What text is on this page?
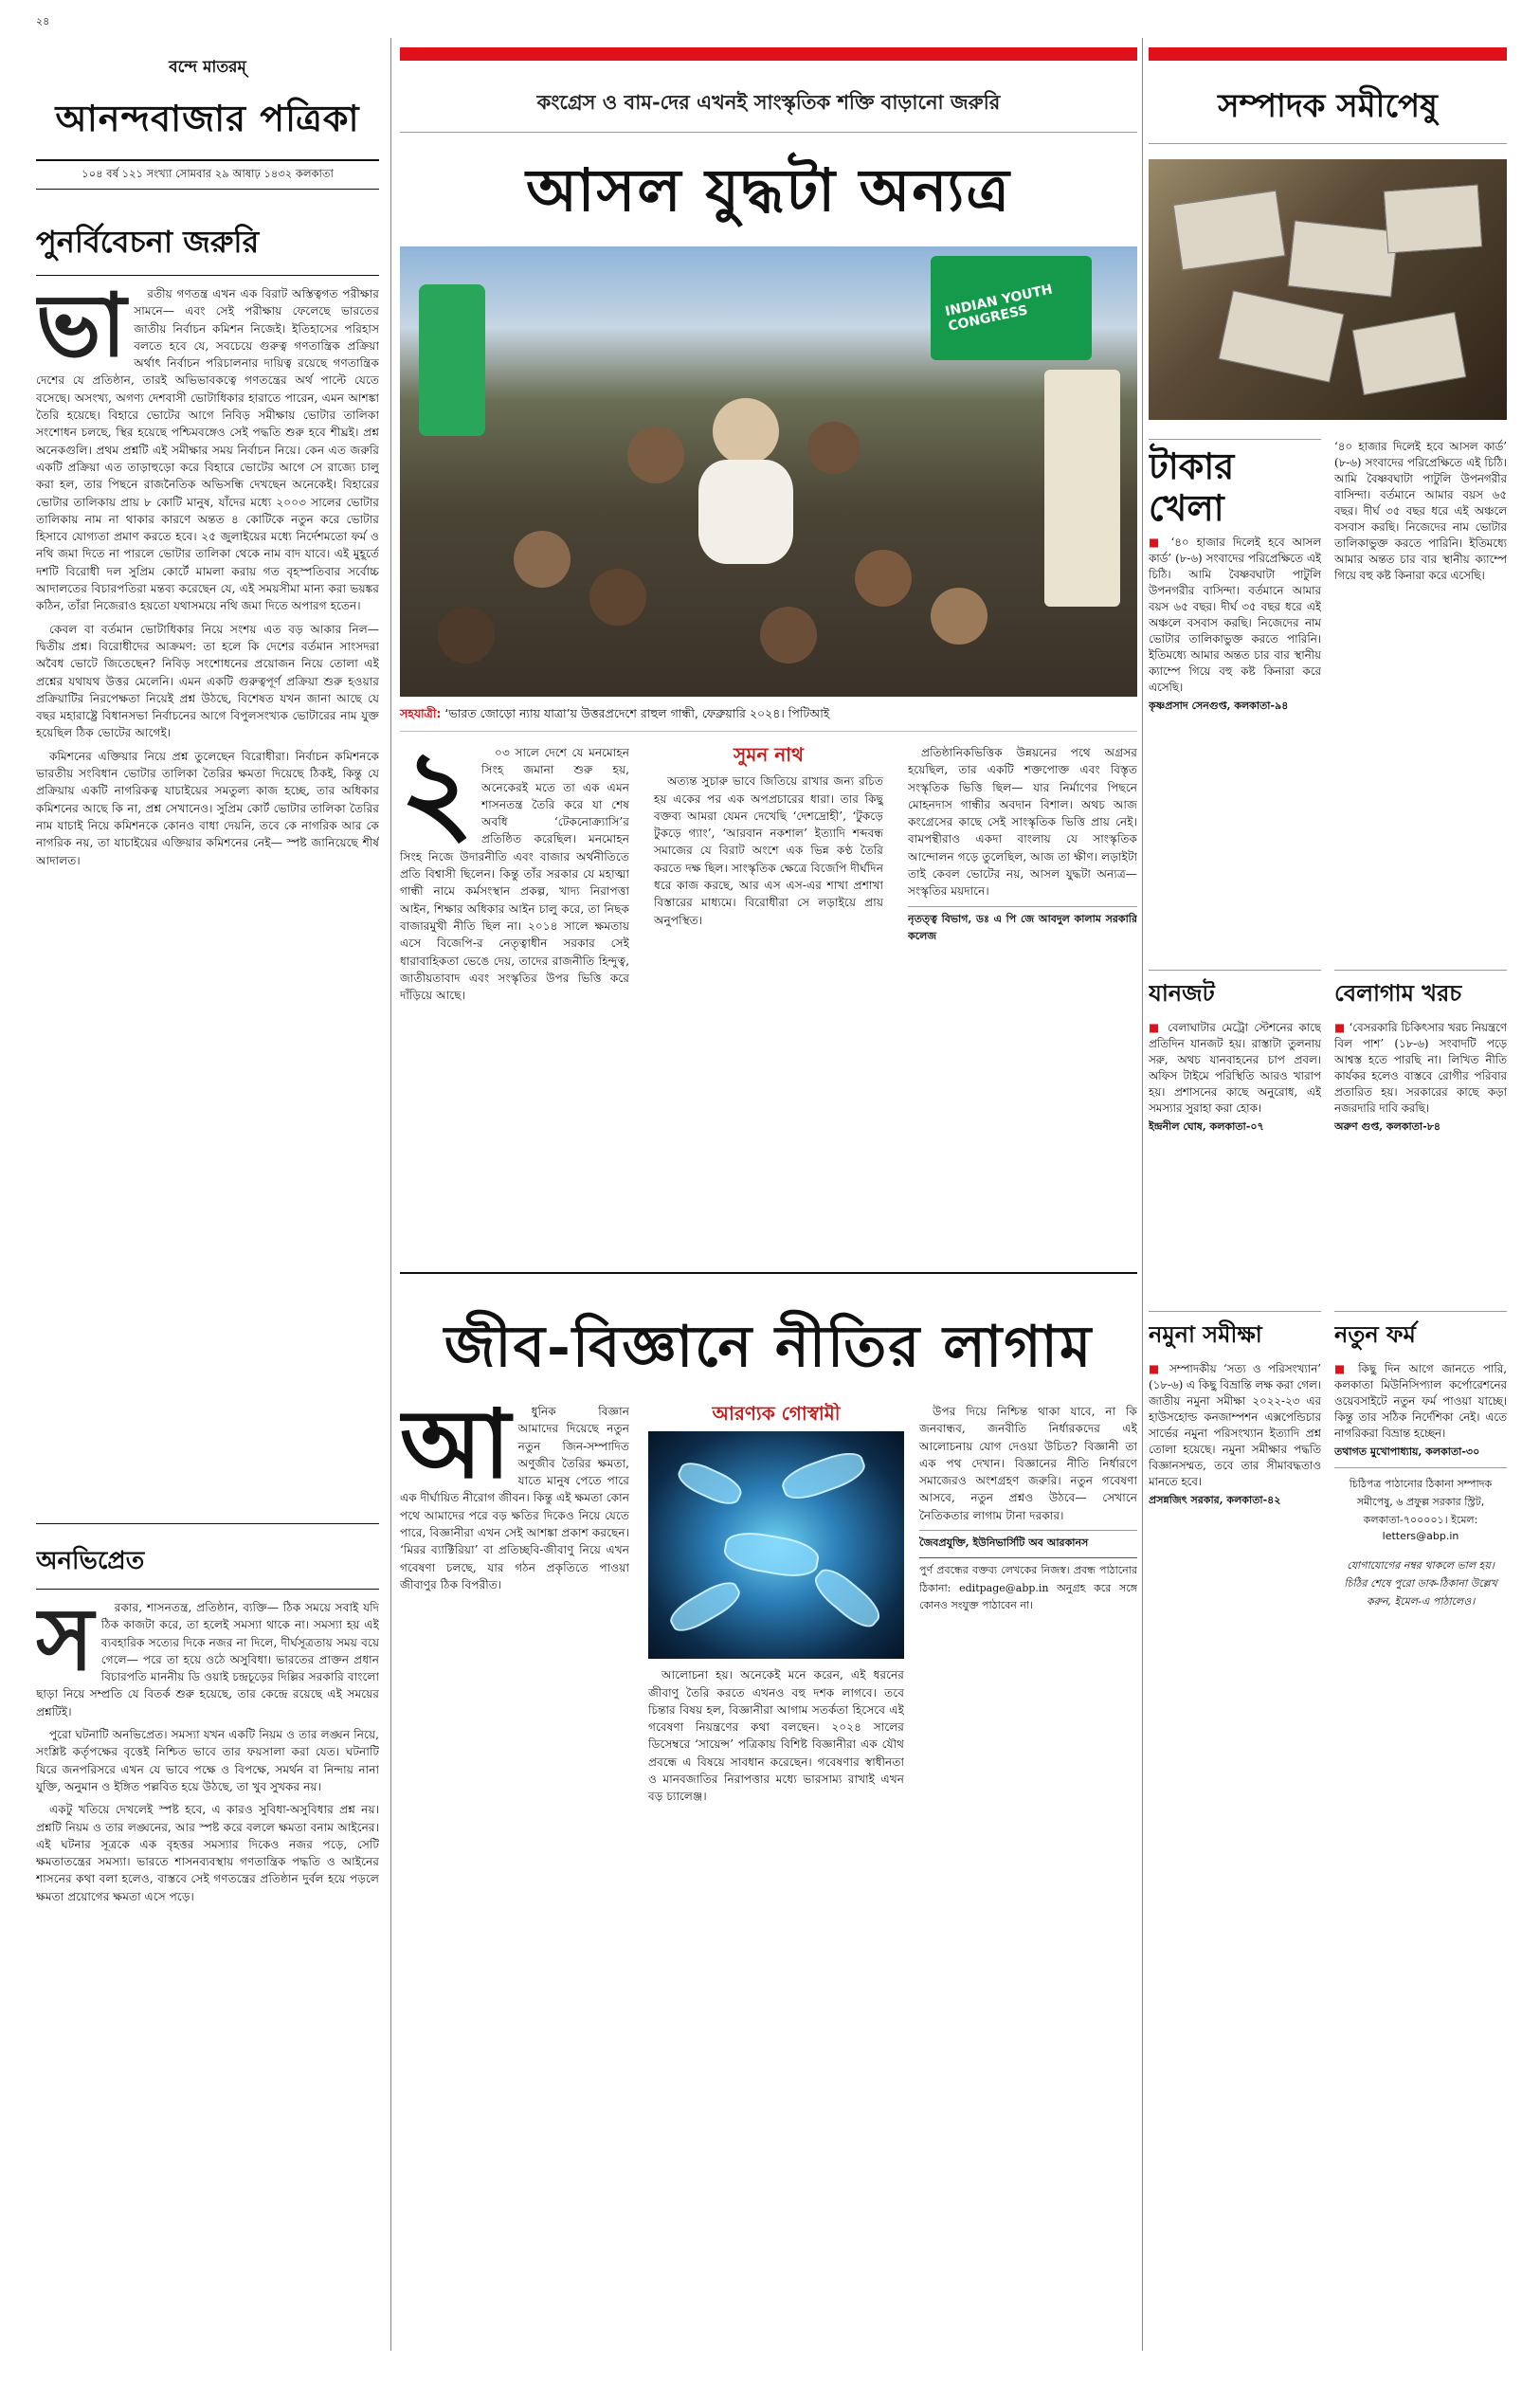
২৪
বন্দে মাতরম্‌
আনন্দবাজার পত্রিকা
১০৪ বর্ষ ১২১ সংখ্যা সোমবার ২৯ আষাঢ় ১৪৩২ কলকাতা
পুনর্বিবেচনা জরুরি
ভা	রতীয় গণতন্ত্র এখন এক বিরাট অস্তিত্বগত পরীক্ষার সামনে— এবং সেই পরীক্ষায় ফেলেছে ভারতের জাতীয় নির্বাচন কমিশন নিজেই। ইতিহাসের পরিহাস বলতে হবে যে, সবচেয়ে গুরুত্ব গণতান্ত্রিক প্রক্রিয়া অর্থাৎ নির্বাচন পরিচালনার দায়িত্ব রয়েছে গণতান্ত্রিক দেশের যে প্রতিষ্ঠান, তারই অভিভাবকত্বে গণতন্ত্রের অর্থ পাল্টে যেতে বসেছে। অসংখ্য, অগণ্য দেশবাসী ভোটাধিকার হারাতে পারেন, এমন আশঙ্কা তৈরি হয়েছে। বিহারে ভোটের আগে নিবিড় সমীক্ষায় ভোটার তালিকা সংশোধন চলছে, স্থির হয়েছে পশ্চিমবঙ্গেও সেই পদ্ধতি শুরু হবে শীঘ্রই। প্রশ্ন অনেকগুলি। প্রথম প্রশ্নটি এই সমীক্ষার সময় নির্বাচন নিয়ে। কেন এত জরুরি একটি প্রক্রিয়া এত তাড়াহুড়ো করে বিহারে ভোটের আগে সে রাজ্যে চালু করা হল, তার পিছনে রাজনৈতিক অভিসন্ধি দেখছেন অনেকেই। বিহারের ভোটার তালিকায় প্রায় ৮ কোটি মানুষ, যাঁদের মধ্যে ২০০৩ সালের ভোটার তালিকায় নাম না থাকার কারণে অন্তত ৪ কোটিকে নতুন করে ভোটার হিসাবে যোগ্যতা প্রমাণ করতে হবে। ২৫ জুলাইয়ের মধ্যে নির্দেশমতো ফর্ম ও নথি জমা দিতে না পারলে ভোটার তালিকা থেকে নাম বাদ যাবে। এই মুহূর্তে দশটি বিরোধী দল সুপ্রিম কোর্টে মামলা করায় গত বৃহস্পতিবার সর্বোচ্চ আদালতের বিচারপতিরা মন্তব্য করেছেন যে, এই সময়সীমা মান্য করা ভয়ঙ্কর কঠিন, তাঁরা নিজেরাও হয়তো যথাসময়ে নথি জমা দিতে অপারগ হতেন।

কেবল বা বর্তমান ভোটাধিকার নিয়ে সংশয় এত বড় আকার নিল— দ্বিতীয় প্রশ্ন। বিরোধীদের আক্রমণ: তা হলে কি দেশের বর্তমান সাংসদরা অবৈধ ভোটে জিতেছেন? নিবিড় সংশোধনের প্রয়োজন নিয়ে তোলা এই প্রশ্নের যথাযথ উত্তর মেলেনি। এমন একটি গুরুত্বপূর্ণ প্রক্রিয়া শুরু হওয়ার প্রক্রিয়াটির নিরপেক্ষতা নিয়েই প্রশ্ন উঠছে, বিশেষত যখন জানা আছে যে বছর মহারাষ্ট্রে বিধানসভা নির্বাচনের আগে বিপুলসংখ্যক ভোটারের নাম যুক্ত হয়েছিল ঠিক ভোটের আগেই।

কমিশনের এক্তিয়ার নিয়ে প্রশ্ন তুলেছেন বিরোধীরা। নির্বাচন কমিশনকে ভারতীয় সংবিধান ভোটার তালিকা তৈরির ক্ষমতা দিয়েছে ঠিকই, কিন্তু যে প্রক্রিয়ায় একটি নাগরিকত্ব যাচাইয়ের সমতুল্য কাজ হচ্ছে, তার অধিকার কমিশনের আছে কি না, প্রশ্ন সেখানেও। সুপ্রিম কোর্ট ভোটার তালিকা তৈরির নাম যাচাই নিয়ে কমিশনকে কোনও বাধা দেয়নি, তবে কে নাগরিক আর কে নাগরিক নয়, তা যাচাইয়ের এক্তিয়ার কমিশনের নেই— স্পষ্ট জানিয়েছে শীর্ষ আদালত।

অনভিপ্রেত
স	রকার, শাসনতন্ত্র, প্রতিষ্ঠান, ব্যক্তি— ঠিক সময়ে সবাই যদি ঠিক কাজটা করে, তা হলেই সমস্যা থাকে না। সমস্যা হয় এই ব্যবহারিক সত্যের দিকে নজর না দিলে, দীর্ঘসূত্রতায় সময় বয়ে গেলে— পরে তা হয়ে ওঠে অসুবিধা। ভারতের প্রাক্তন প্রধান বিচারপতি মাননীয় ডি ওয়াই চন্দ্রচূড়ের দিল্লির সরকারি বাংলো ছাড়া নিয়ে সম্প্রতি যে বিতর্ক শুরু হয়েছে, তার কেন্দ্রে রয়েছে এই সময়ের প্রশ্নটিই।

পুরো ঘটনাটি অনভিপ্রেত। সমস্যা যখন একটি নিয়ম ও তার লঙ্ঘন নিয়ে, সংশ্লিষ্ট কর্তৃপক্ষের বৃত্তেই নিশ্চিত ভাবে তার ফয়সালা করা যেত। ঘটনাটি যিরে জনপরিসরে এখন যে ভাবে পক্ষে ও বিপক্ষে, সমর্থন বা নিন্দায় নানা যুক্তি, অনুমান ও ইঙ্গিত পল্লবিত হয়ে উঠছে, তা খুব সুখকর নয়।

একটু খতিয়ে দেখলেই স্পষ্ট হবে, এ কারও সুবিধা-অসুবিধার প্রশ্ন নয়। প্রশ্নটি নিয়ম ও তার লঙ্ঘনের, আর স্পষ্ট করে বললে ক্ষমতা বনাম আইনের। এই ঘটনার সূত্রকে এক বৃহত্তর সমস্যার দিকেও নজর পড়ে, সেটি ক্ষমতাতন্ত্রের সমস্যা। ভারতে শাসনব্যবস্থায় গণতান্ত্রিক পদ্ধতি ও আইনের শাসনের কথা বলা হলেও, বাস্তবে সেই গণতন্ত্রের প্রতিষ্ঠান দুর্বল হয়ে পড়লে ক্ষমতা প্রয়োগের ক্ষমতা এসে পড়ে।

কংগ্রেস ও বাম-দের এখনই সাংস্কৃতিক শক্তি বাড়ানো জরুরি
আসল যুদ্ধটা অন্যত্র
INDIAN YOUTH CONGRESS
সহযাত্রী: ‘ভারত জোড়ো ন্যায় যাত্রা’য় উত্তরপ্রদেশে রাহুল গান্ধী, ফেব্রুয়ারি ২০২৪। পিটিআই
২	০৩ সালে দেশে যে মনমোহন সিংহ জমানা শুরু হয়, অনেকেরই মতে তা এক এমন শাসনতন্ত্র তৈরি করে যা শেষ অবধি ‘টেকনোক্র্যাসি’র প্রতিষ্ঠিত করেছিল। মনমোহন সিংহ নিজে উদারনীতি এবং বাজার অর্থনীতিতে প্রতি বিশ্বাসী ছিলেন। কিন্তু তাঁর সরকার যে মহাত্মা গান্ধী নামে কর্মসংস্থান প্রকল্প, খাদ্য নিরাপত্তা আইন, শিক্ষার অধিকার আইন চালু করে, তা নিছক বাজারমুখী নীতি ছিল না। ২০১৪ সালে ক্ষমতায় এসে বিজেপি-র নেতৃত্বাধীন সরকার সেই ধারাবাহিকতা ভেঙে দেয়, তাদের রাজনীতি হিন্দুত্ব, জাতীয়তাবাদ এবং সংস্কৃতির উপর ভিত্তি করে দাঁড়িয়ে আছে।

সুমন নাথ

অত্যন্ত সুচারু ভাবে জিতিয়ে রাখার জন্য রচিত হয় একের পর এক অপপ্রচারের ধারা। তার কিছু বক্তব্য আমরা যেমন দেখেছি ‘দেশদ্রোহী’, ‘টুকড়ে টুকড়ে গ্যাং’, ‘আরবান নকশাল’ ইত্যাদি শব্দবন্ধ সমাজের যে বিরাট অংশে এক ভিন্ন কণ্ঠ তৈরি করতে দক্ষ ছিল। সাংস্কৃতিক ক্ষেত্রে বিজেপি দীর্ঘদিন ধরে কাজ করছে, আর এস এস-এর শাখা প্রশাখা বিস্তারের মাধ্যমে। বিরোধীরা সে লড়াইয়ে প্রায় অনুপস্থিত।

প্রতিষ্ঠানিকভিত্তিক উন্নয়নের পথে অগ্রসর হয়েছিল, তার একটি শক্তপোক্ত এবং বিস্তৃত সংস্কৃতিক ভিত্তি ছিল— যার নির্মাণের পিছনে মোহনদাস গান্ধীর অবদান বিশাল। অথচ আজ কংগ্রেসের কাছে সেই সাংস্কৃতিক ভিত্তি প্রায় নেই। বামপন্থীরাও একদা বাংলায় যে সাংস্কৃতিক আন্দোলন গড়ে তুলেছিল, আজ তা ক্ষীণ। লড়াইটা তাই কেবল ভোটের নয়, আসল যুদ্ধটা অন্যত্র— সংস্কৃতির ময়দানে।

নৃতত্ত্ব বিভাগ, ডঃ এ পি জে আবদুল কালাম সরকারি কলেজ
জীব-বিজ্ঞানে নীতির লাগাম
আ	ধুনিক বিজ্ঞান আমাদের দিয়েছে নতুন নতুন জিন-সম্পাদিত অণুজীব তৈরির ক্ষমতা, যাতে মানুষ পেতে পারে এক দীর্ঘায়িত নীরোগ জীবন। কিন্তু এই ক্ষমতা কোন পথে আমাদের পরে বড় ক্ষতির দিকেও নিয়ে যেতে পারে, বিজ্ঞানীরা এখন সেই আশঙ্কা প্রকাশ করছেন। ‘মিরর ব্যাক্টিরিয়া’ বা প্রতিচ্ছবি-জীবাণু নিয়ে এখন গবেষণা চলছে, যার গঠন প্রকৃতিতে পাওয়া জীবাণুর ঠিক বিপরীত।

আরণ্যক গোস্বামী

আলোচনা হয়। অনেকেই মনে করেন, এই ধরনের জীবাণু তৈরি করতে এখনও বহু দশক লাগবে। তবে চিন্তার বিষয় হল, বিজ্ঞানীরা আগাম সতর্কতা হিসেবে এই গবেষণা নিয়ন্ত্রণের কথা বলছেন। ২০২৪ সালের ডিসেম্বরে ‘সায়েন্স’ পত্রিকায় বিশিষ্ট বিজ্ঞানীরা এক যৌথ প্রবন্ধে এ বিষয়ে সাবধান করেছেন। গবেষণার স্বাধীনতা ও মানবজাতির নিরাপত্তার মধ্যে ভারসাম্য রাখাই এখন বড় চ্যালেঞ্জ।

উপর দিয়ে নিশ্চিন্ত থাকা যাবে, না কি জনবান্ধব, জনবীতি নির্ধারকদের এই আলোচনায় যোগ দেওয়া উচিত? বিজ্ঞানী তা এক পথ দেখান। বিজ্ঞানের নীতি নির্ধারণে সমাজেরও অংশগ্রহণ জরুরি। নতুন গবেষণা আসবে, নতুন প্রশ্নও উঠবে— সেখানে নৈতিকতার লাগাম টানা দরকার।

জৈবপ্রযুক্তি, ইউনিভার্সিটি অব আরকানস
পুর্ণ প্রবন্ধের বক্তব্য লেখকের নিজস্ব। প্রবন্ধ পাঠানোর ঠিকানা: editpage@abp.in অনুগ্রহ করে সঙ্গে কোনও সংযুক্ত পাঠাবেন না।
সম্পাদক সমীপেষু
টাকার খেলা
■ ‘৪০ হাজার দিলেই হবে আসল কার্ড’ (৮-৬) সংবাদের পরিপ্রেক্ষিতে এই চিঠি। আমি বৈষ্ণবঘাটা পাটুলি উপনগরীর বাসিন্দা। বর্তমানে আমার বয়স ৬৫ বছর। দীর্ঘ ৩৫ বছর ধরে এই অঞ্চলে বসবাস করছি। নিজেদের নাম ভোটার তালিকাভুক্ত করতে পারিনি। ইতিমধ্যে আমার অন্তত চার বার স্থানীয় ক্যাম্পে গিয়ে বহু কষ্ট কিনারা করে এসেছি।
কৃষ্ণপ্রসাদ সেনগুপ্ত, কলকাতা-৯৪
‘৪০ হাজার দিলেই হবে আসল কার্ড’ (৮-৬) সংবাদের পরিপ্রেক্ষিতে এই চিঠি। আমি বৈষ্ণবঘাটা পাটুলি উপনগরীর বাসিন্দা। বর্তমানে আমার বয়স ৬৫ বছর। দীর্ঘ ৩৫ বছর ধরে এই অঞ্চলে বসবাস করছি। নিজেদের নাম ভোটার তালিকাভুক্ত করতে পারিনি। ইতিমধ্যে আমার অন্তত চার বার স্থানীয় ক্যাম্পে গিয়ে বহু কষ্ট কিনারা করে এসেছি।
যানজট
■ বেলাঘাটার মেট্রো স্টেশনের কাছে প্রতিদিন যানজট হয়। রাস্তাটা তুলনায় সরু, অথচ যানবাহনের চাপ প্রবল। অফিস টাইমে পরিস্থিতি আরও খারাপ হয়। প্রশাসনের কাছে অনুরোধ, এই সমস্যার সুরাহা করা হোক।
ইন্দ্রনীল ঘোষ, কলকাতা-০৭
বেলাগাম খরচ
■ ‘বেসরকারি চিকিৎসার খরচ নিয়ন্ত্রণে বিল পাশ’ (১৮-৬) সংবাদটি পড়ে আশ্বস্ত হতে পারছি না। লিখিত নীতি কার্যকর হলেও বাস্তবে রোগীর পরিবার প্রতারিত হয়। সরকারের কাছে কড়া নজরদারি দাবি করছি।
অরুণ গুপ্ত, কলকাতা-৮৪
নমুনা সমীক্ষা
■ সম্পাদকীয় ‘সত্য ও পরিসংখ্যান’ (১৮-৬) এ কিছু বিভ্রান্তি লক্ষ করা গেল। জাতীয় নমুনা সমীক্ষা ২০২২-২৩ এর হাউসহোল্ড কনজাম্পশন এক্সপেন্ডিচার সার্ভের নমুনা পরিসংখ্যান ইত্যাদি প্রশ্ন তোলা হয়েছে। নমুনা সমীক্ষার পদ্ধতি বিজ্ঞানসম্মত, তবে তার সীমাবদ্ধতাও মানতে হবে।
প্রসন্নজিৎ সরকার, কলকাতা-৪২
নতুন ফর্ম
■ কিছু দিন আগে জানতে পারি, কলকাতা মিউনিসিপ্যাল কর্পোরেশনের ওয়েবসাইটে নতুন ফর্ম পাওয়া যাচ্ছে। কিন্তু তার সঠিক নির্দেশিকা নেই। এতে নাগরিকরা বিভ্রান্ত হচ্ছেন।
তথাগত মুখোপাধ্যায়, কলকাতা-৩০
চিঠিপত্র পাঠানোর ঠিকানা সম্পাদক সমীপেষু, ৬ প্রফুল্ল সরকার স্ট্রিট, কলকাতা-৭০০০০১। ইমেল: letters@abp.in
যোগাযোগের নম্বর থাকলে ভাল হয়। চিঠির শেষে পুরো ডাক-ঠিকানা উল্লেখ করুন, ইমেল-এ পাঠালেও।
